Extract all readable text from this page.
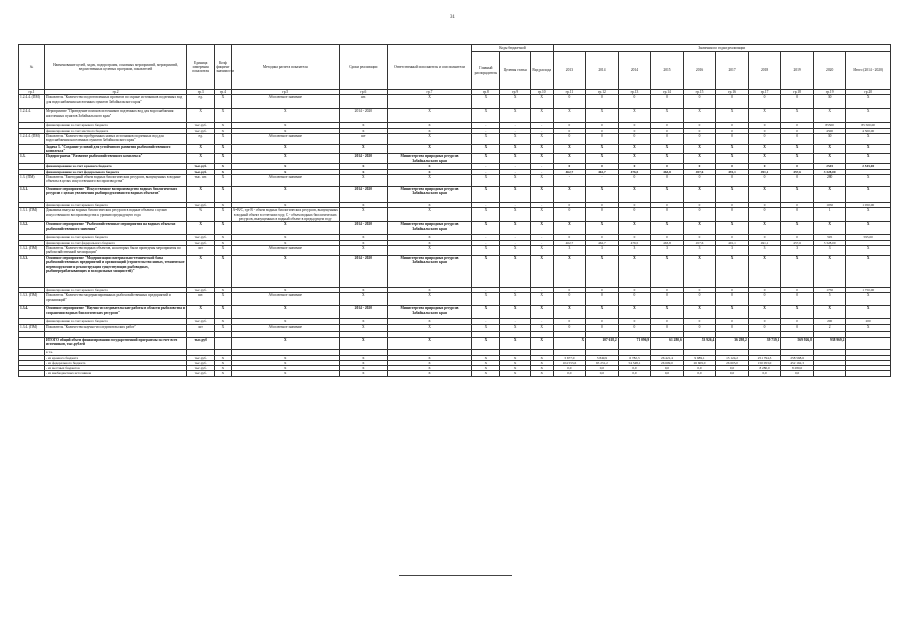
31
№	Наименование целей, задач, подпрограмм, основных мероприятий, мероприятий, ведомственных целевых программ, показателей	Единица измерения показателя	Коэф фициент значимости	Методика расчета показателя	Сроки реализации	Ответственный исполнитель и соисполнители	Коды бюджетной			Значения по годам реализации									
							Главный распорядитель	Целевая статья	Вид расхода	2013	2014	2014	2015	2016	2017	2018	2019	2020	Итого (2014 - 2020)
гр.1	гр.2	гр.3	гр.4	гр.5	гр.6	гр.7	гр.8	гр.9	гр.10	гр.11	гр.12	гр.13	гр.14	гр.15	гр.16	гр.17	гр.18	гр.19	гр.20
1.2.4.4. (ПМ)	Показатель "Количество подготовленных проектов по охране источников подземных вод для водоснабжения населенных пунктов Забайкальского края"	ед.	X	Абсолютное значение	шт.	X	X	X	X	0	0	0	0	0	0	0	0	30	X
1.2.4.4.	Мероприятие "Проведение поисков источников подземных вод для водоснабжения населенных пунктов Забайкальского края"	X	X	X	2014 - 2020	X	X	X	X	X	X	X	X	X	X	X	X	X	X
	финансирование за счет краевого бюджета	тыс.руб.	X	X	X	X	-	-	-	0	0	0	0	0	0	0	0	85500	85 500,00
	финансирование за счет местного бюджета	тыс.руб.	X	X	X	X	-	-	-	0	0	0	0	0	0	0	0	4500	4 500,00
1.2.4.4. (ПМ)	Показатель "Количество пробуренных новых источников подземных вод для водоснабжения населенных пунктов Забайкальского края"	ед.	X	Абсолютное значение	шт	X	X	X	X	0	0	0	0	0	0	0	0	30	X
	Задача 3. "Создание условий для устойчивого развития рыбохозяйственного комплекса"	X	X	X	X	X	X	X	X	X	X	X	X	X	X	X	X	X	X
1.3.	Подпрограмма "Развитие рыбохозяйственного комплекса"	X	X	X	2014 - 2020	Министерство природных ресурсов Забайкальского края	X	X	X	X	X	X	X	X	X	X	X	X	X
	финансирование за счет краевого бюджета	тыс.руб.	X	X	X	X	-	-	-	0	0	0	0	0	0	0	0	2545	2 545,00
	финансирование за счет федерального бюджета	тыс.руб.	X	X	X	X	-	-	-	462,7	462,7	476,5	463,8	457,6	491,1	491,1	457,6	3 328,00	
1.3. (ПМ)	Показатель "Ежегодный объем водных биологических ресурсов, выпущенных в водные объекты в целях искусственного воспроизводства"	тыс. шт.	X	Абсолютное значение	X	X	X	X	X	-	-	0	0	0	0	0	0	280	X
1.3.1.	Основное мероприятие "Искусственное воспроизводство водных биологических ресурсов с целью увеличения рыбопродуктивности водных объектов"	X	X	X	2014 - 2020	Министерство природных ресурсов Забайкальского края	X	X	X	X	X	X	X	X	X	X	X	X	X
	финансирование за счет краевого бюджета	тыс.руб.	X	X	X	X	-	-	-	0	0	0	0	0	0	0	0	1050	1 050,00
1.3.1. (ПМ)	Динамика выпуска водных биологических ресурсов в водные объекты с целью искусственного воспроизводства к уровню предыдущего года	%	X	A=B/C, где B - объем водных биологических ресурсов, выпущенных в водный объект в отчетном году, C - объем водных биологических ресурсов, выпущенных в водный объект в предыдущем году	X	X	X	X	X	0	0	0	0	0	0	0	0	1	X
1.3.2.	Основное мероприятие "Рыбохозяйственные мероприятия на водных объектах рыбохозяйственного значения"	X	X	X	2014 - 2020	Министерство природных ресурсов Забайкальского края	X	X	X	X	X	X	X	X	X	X	X	X	X
	финансирование за счет краевого бюджета	тыс.руб.	X	X	X	X	-	-	-	0	0	0	0	0	0	0	0	595	595,00
	финансирование за счет федерального бюджета	тыс.руб.	X	X	X	X	-	-	-	462,7	462,7	476,5	463,8	457,6	491,1	491,1	457,6	3 328,00	
1.3.2. (ПМ)	Показатель "Количество водных объектов, на которых были проведены мероприятия по рыбохозяйственной мелиорации"	шт	X	Абсолютное значение	X	X	X	X	X	3	3	3	3	3	3	3	3	3	X
1.3.3.	Основное мероприятие "Модернизация материально-технической базы рыбохозяйственных предприятий и организаций (строительство новых, техническое перевооружение и реконструкция существующих рыбоводных, рыбоперерабатывающих и холодильных мощностей)"	X	X	X	2014 - 2020	Министерство природных ресурсов Забайкальского края	X	X	X	X	X	X	X	X	X	X	X	X	X
	финансирование за счет краевого бюджета	тыс.руб.	X	X	X	X	-	-	-	0	0	0	0	0	0	0	0	1750	1 750,00
1.3.3. (ПМ)	Показатель "Количество модернизированных рыбохозяйственных предприятий и организаций"	шт.	X	Абсолютное значение	X	X	X	X	X	0	0	0	0	0	0	0	0	5	X
1.3.4.	Основное мероприятие "Научно-исследовательские работы в области рыболовства и сохранения водных биологических ресурсов"	X	X	X	2014 - 2020	Министерство природных ресурсов Забайкальского края	X	X	X	X	X	X	X	X	X	X	X	X	X
	финансирование за счет краевого бюджета	тыс.руб.	X	X	X	X	-	-	-	0	0	0	0	0	0	0	0	200	200
1.3.4. (ПМ)	Показатель "Количество научно-исследовательских работ"	шт	X	Абсолютное значение	X	X	X	X	X	0	0	0	0	0	0	0	0	2	X

	ИТОГО общий объем финансирования государственной программы за счет всех источников, тыс.рублей	тыс.руб		X	X	X	X	X	X	X	107 618,2	71 096,9	61 280,6	53 926,4	36 298,2	39 739,1	569 926,8	938 969,2	
	в т.ч.																		
	- из краевого бюджета	тыс.руб.	X	X	X	X	X	X	X	3 677,0	5 849,9	6 782,3	26 421,4	9 689,1	13 124,2	251 794,3	258 568,6		
	- из федерального бюджета	тыс.руб.	X	X	X	X	X	X	X	104 553,6	65 231,2	54 348,1	26 609,0	26 609,0	26 605,0	150 053,0	452 162,3		
	- из местных бюджетов	тыс.руб.	X	X	X	X	X	X	X	0,0	0,0	0,0	0,0	0,0	0,0	8 280,0	8 280,0		
	- из внебюджетных источников	тыс.руб.	X	X	X	X	X	X	X	0,0	0,0	0,0	0,0	0,0	0,0	0,0	0,0		
